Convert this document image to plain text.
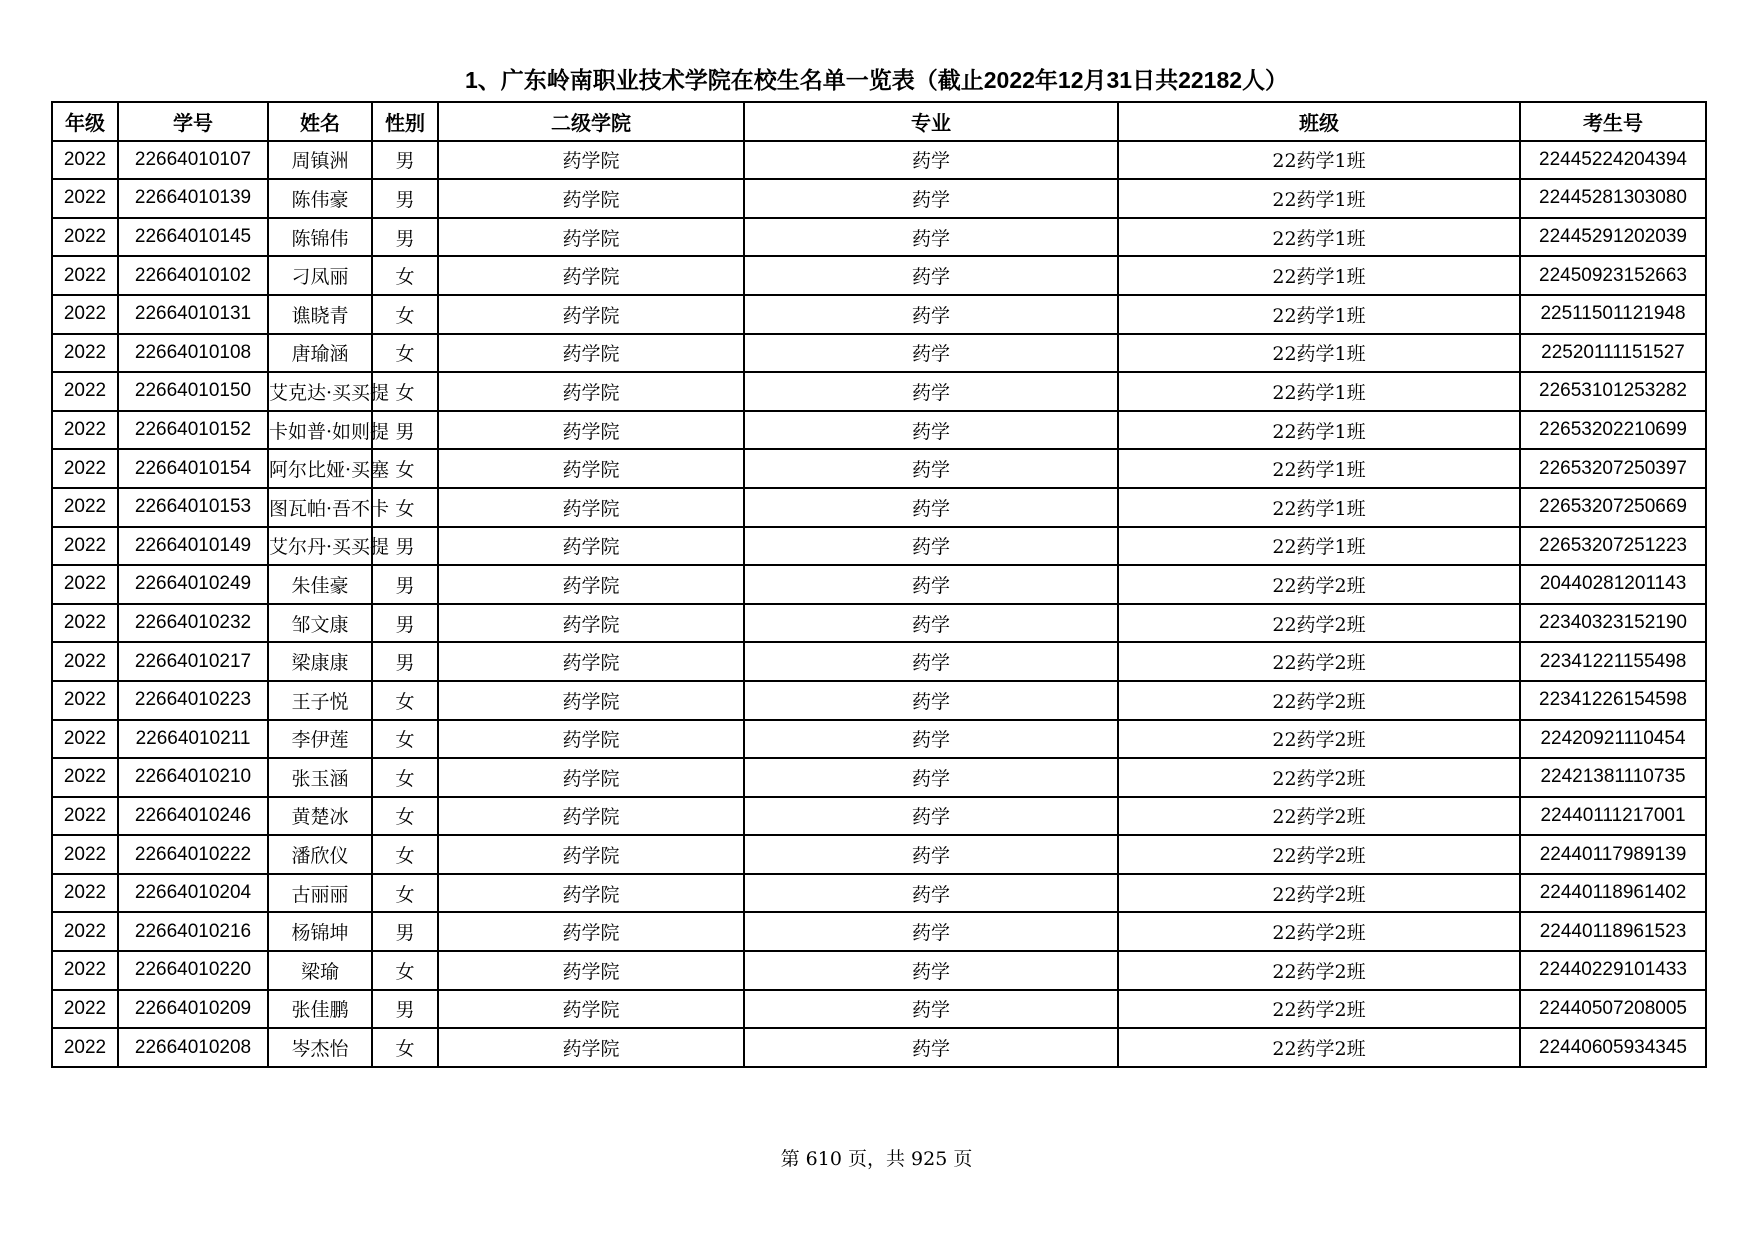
1、广东岭南职业技术学院在校生名单一览表（截止2022年12月31日共22182人）
年级	学号	姓名	性别	二级学院	专业	班级	考生号
2022	22664010107	周镇洲	男	药学院	药学	22药学1班	22445224204394
2022	22664010139	陈伟豪	男	药学院	药学	22药学1班	22445281303080
2022	22664010145	陈锦伟	男	药学院	药学	22药学1班	22445291202039
2022	22664010102	刁凤丽	女	药学院	药学	22药学1班	22450923152663
2022	22664010131	谯晓青	女	药学院	药学	22药学1班	22511501121948
2022	22664010108	唐瑜涵	女	药学院	药学	22药学1班	22520111151527
2022	22664010150	艾克达·买买提	女	药学院	药学	22药学1班	22653101253282
2022	22664010152	卡如普·如则提	男	药学院	药学	22药学1班	22653202210699
2022	22664010154	阿尔比娅·买塞	女	药学院	药学	22药学1班	22653207250397
2022	22664010153	图瓦帕·吾不卡	女	药学院	药学	22药学1班	22653207250669
2022	22664010149	艾尔丹·买买提	男	药学院	药学	22药学1班	22653207251223
2022	22664010249	朱佳豪	男	药学院	药学	22药学2班	20440281201143
2022	22664010232	邹文康	男	药学院	药学	22药学2班	22340323152190
2022	22664010217	梁康康	男	药学院	药学	22药学2班	22341221155498
2022	22664010223	王子悦	女	药学院	药学	22药学2班	22341226154598
2022	22664010211	李伊莲	女	药学院	药学	22药学2班	22420921110454
2022	22664010210	张玉涵	女	药学院	药学	22药学2班	22421381110735
2022	22664010246	黄楚冰	女	药学院	药学	22药学2班	22440111217001
2022	22664010222	潘欣仪	女	药学院	药学	22药学2班	22440117989139
2022	22664010204	古丽丽	女	药学院	药学	22药学2班	22440118961402
2022	22664010216	杨锦坤	男	药学院	药学	22药学2班	22440118961523
2022	22664010220	梁瑜	女	药学院	药学	22药学2班	22440229101433
2022	22664010209	张佳鹏	男	药学院	药学	22药学2班	22440507208005
2022	22664010208	岑杰怡	女	药学院	药学	22药学2班	22440605934345
第 610 页，共 925 页
